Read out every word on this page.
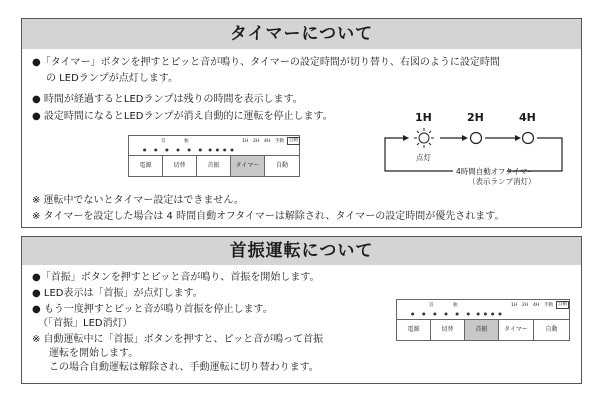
タイマーについて
●「タイマー」ボタンを押すとピッと音が鳴り、タイマーの設定時間が切り替り、右図のように設定時間
の LEDランプが点灯します。
● 時間が経過するとLEDランプは残りの時間を表示します。
● 設定時間になるとLEDランプが消え自動的に運転を停止します。
首	独	1H 2H 4H 手動	自動
●      ●      ●      ●      ●      ●     ●   ●   ●   ●
電源	切替	首振	タイマー	自動
1H	2H	4H
点灯
4時間自動オフタイマー
（表示ランプ消灯）
※ 運転中でないとタイマー設定はできません。
※ タイマーを設定した場合は 4 時間自動オフタイマーは解除され、タイマーの設定時間が優先されます。
首振運転について
●「首振」ボタンを押すとピッと音が鳴り、首振を開始します。
● LED表示は「首振」が点灯します。
● もう一度押すとピッと音が鳴り首振を停止します。
（「首振」LED消灯）
※ 自動運転中に「首振」ボタンを押すと、ピッと音が鳴って首振
運転を開始します。
この場合自動運転は解除され、手動運転に切り替わります。
首	独	1H 2H 4H 手動	自動
●      ●      ●      ●      ●      ●     ●   ●   ●   ●
電源	切替	首振	タイマー	自動
